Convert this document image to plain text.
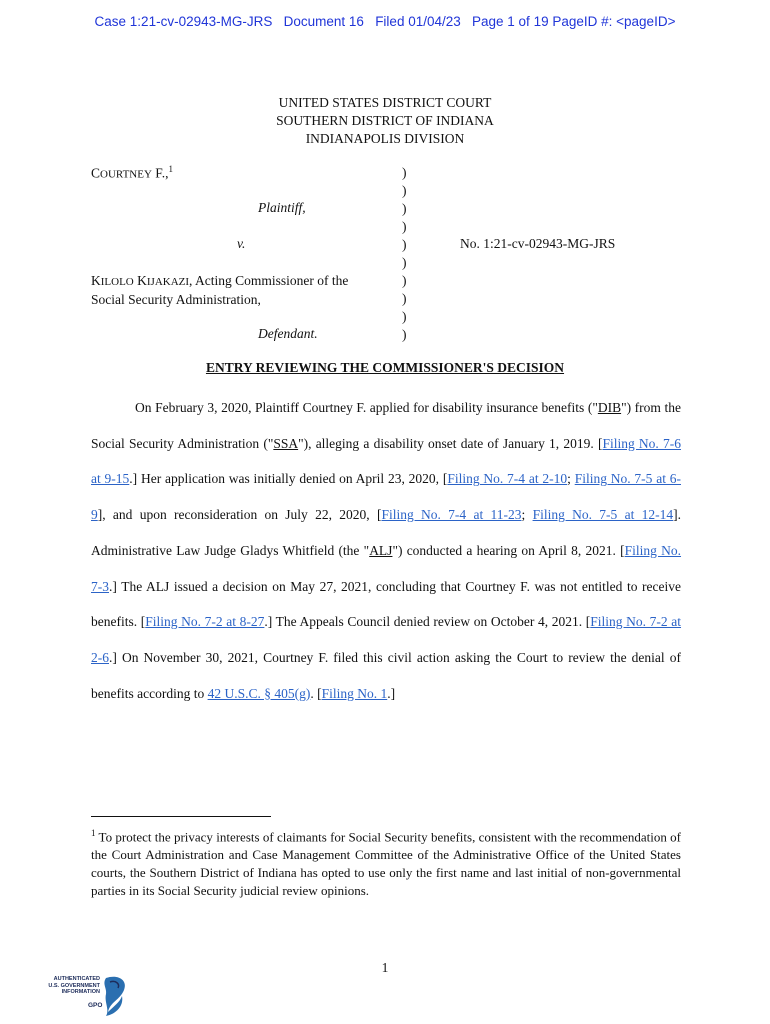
Case 1:21-cv-02943-MG-JRS Document 16 Filed 01/04/23 Page 1 of 19 PageID #: <pageID>
UNITED STATES DISTRICT COURT
SOUTHERN DISTRICT OF INDIANA
INDIANAPOLIS DIVISION
COURTNEY F.,$^1$
Plaintiff,
v.	No. 1:21-cv-02943-MG-JRS
KILOLO KIJAKAZI, Acting Commissioner of the
Social Security Administration,
Defendant.
)
)
)
)
)
)
)
)
)
)
ENTRY REVIEWING THE COMMISSIONER'S DECISION

On February 3, 2020, Plaintiff Courtney F. applied for disability insurance benefits ("DIB") from the Social Security Administration ("SSA"), alleging a disability onset date of January 1, 2019. [Filing No. 7-6 at 9-15.] Her application was initially denied on April 23, 2020, [Filing No. 7-4 at 2-10; Filing No. 7-5 at 6-9], and upon reconsideration on July 22, 2020, [Filing No. 7-4 at 11-23; Filing No. 7-5 at 12-14]. Administrative Law Judge Gladys Whitfield (the "ALJ") conducted a hearing on April 8, 2021. [Filing No. 7-3.] The ALJ issued a decision on May 27, 2021, concluding that Courtney F. was not entitled to receive benefits. [Filing No. 7-2 at 8-27.] The Appeals Council denied review on October 4, 2021. [Filing No. 7-2 at 2-6.] On November 30, 2021, Courtney F. filed this civil action asking the Court to review the denial of benefits according to 42 U.S.C. § 405(g). [Filing No. 1.]

$^1$ To protect the privacy interests of claimants for Social Security benefits, consistent with the recommendation of the Court Administration and Case Management Committee of the Administrative Office of the United States courts, the Southern District of Indiana has opted to use only the first name and last initial of non-governmental parties in its Social Security judicial review opinions.
1
AUTHENTICATED
U.S. GOVERNMENT
INFORMATION
GPO
